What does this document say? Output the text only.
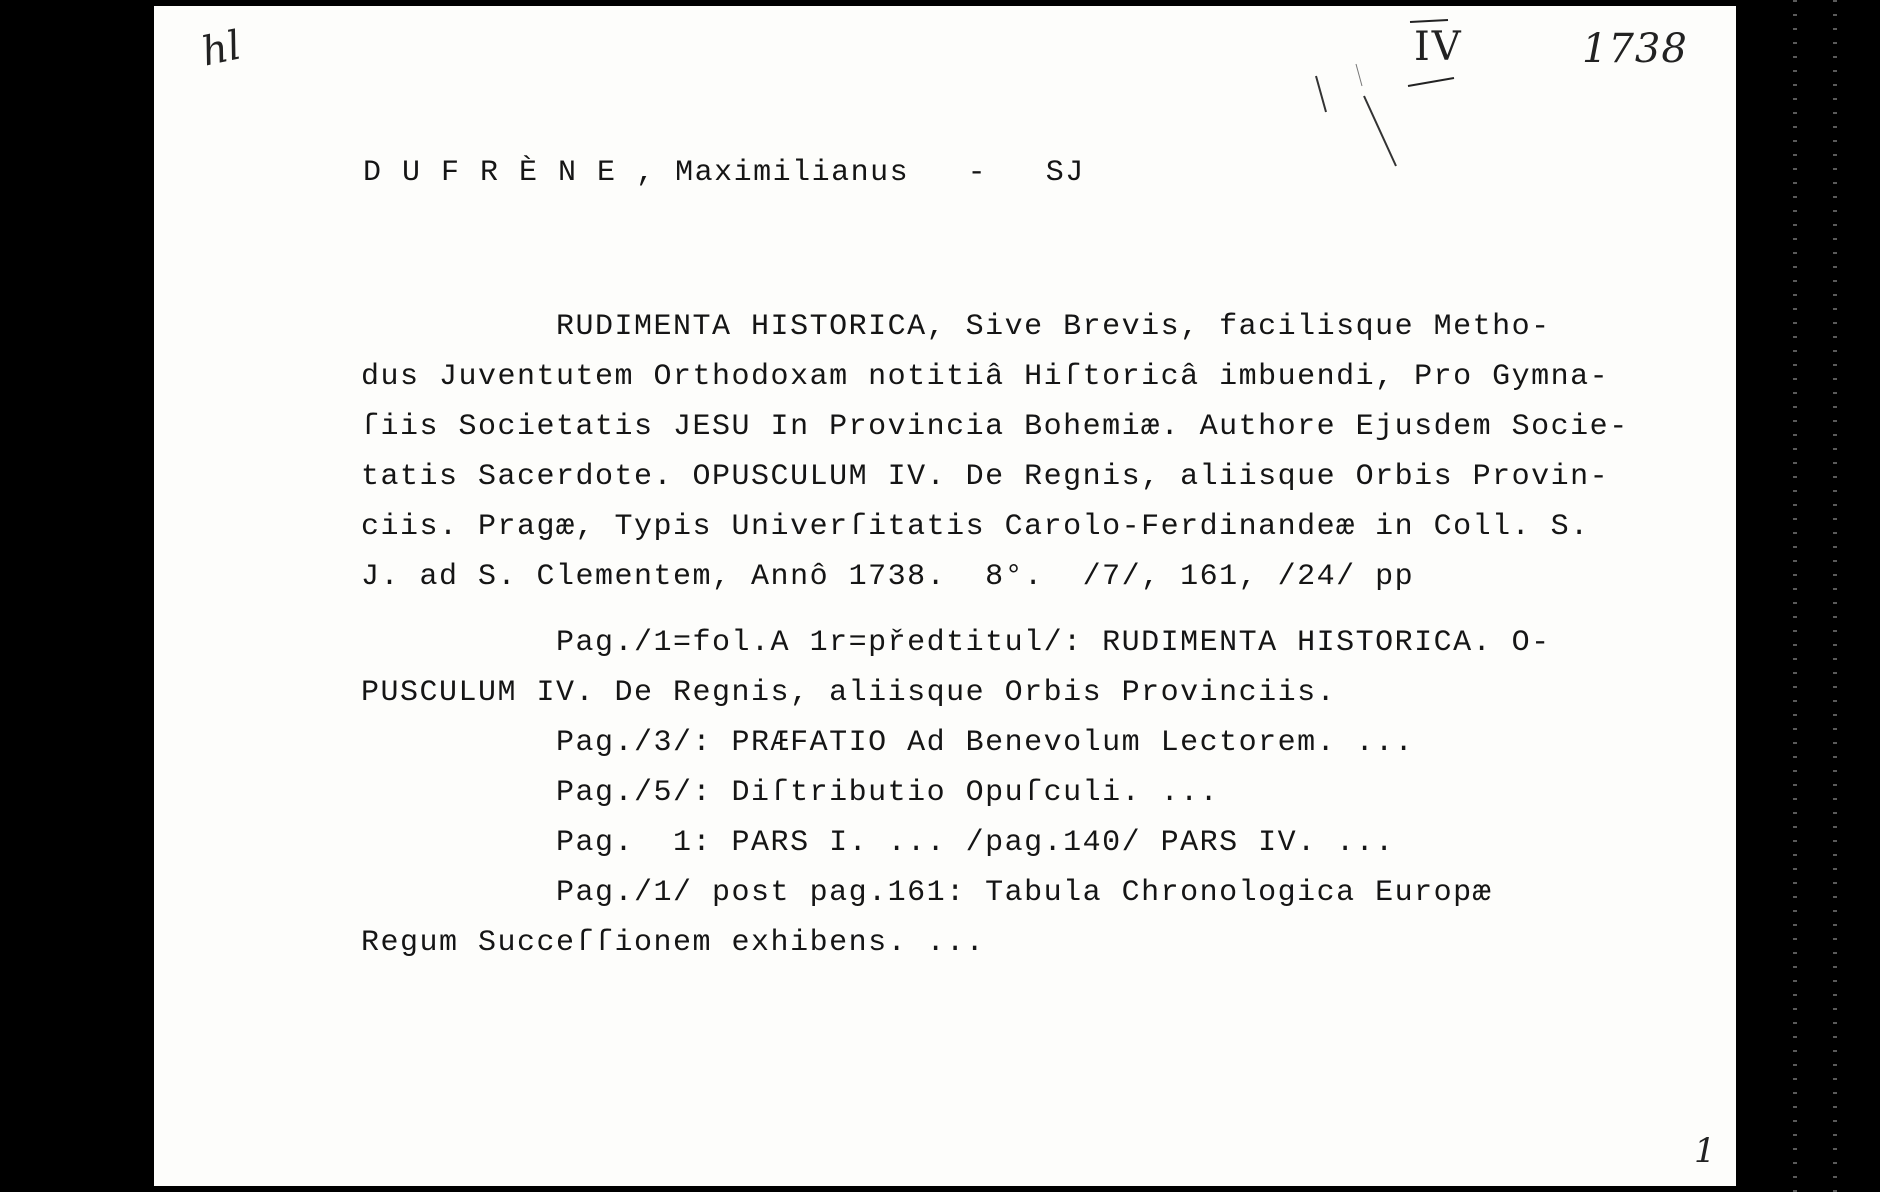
hl	IV	1738
1
D U F R È N E , Maximilianus - SJ
RUDIMENTA HISTORICA, Sive Brevis, facilisque Metho-
dus Juventutem Orthodoxam notitiâ Hiſtoricâ imbuendi, Pro Gymna-
ſiis Societatis JESU In Provincia Bohemiæ. Authore Ejusdem Socie-
tatis Sacerdote. OPUSCULUM IV. De Regnis, aliisque Orbis Provin-
ciis. Pragæ, Typis Univerſitatis Carolo-Ferdinandeæ in Coll. S.
J. ad S. Clementem, Annô 1738.  8°.  /7/, 161, /24/ pp
Pag./1=fol.A 1r=předtitul/: RUDIMENTA HISTORICA. O-
PUSCULUM IV. De Regnis, aliisque Orbis Provinciis.
Pag./3/: PRÆFATIO Ad Benevolum Lectorem. ...
Pag./5/: Diſtributio Opuſculi. ...
Pag.  1: PARS I. ... /pag.140/ PARS IV. ...
Pag./1/ post pag.161: Tabula Chronologica Europæ
Regum Succeſſionem exhibens. ...
